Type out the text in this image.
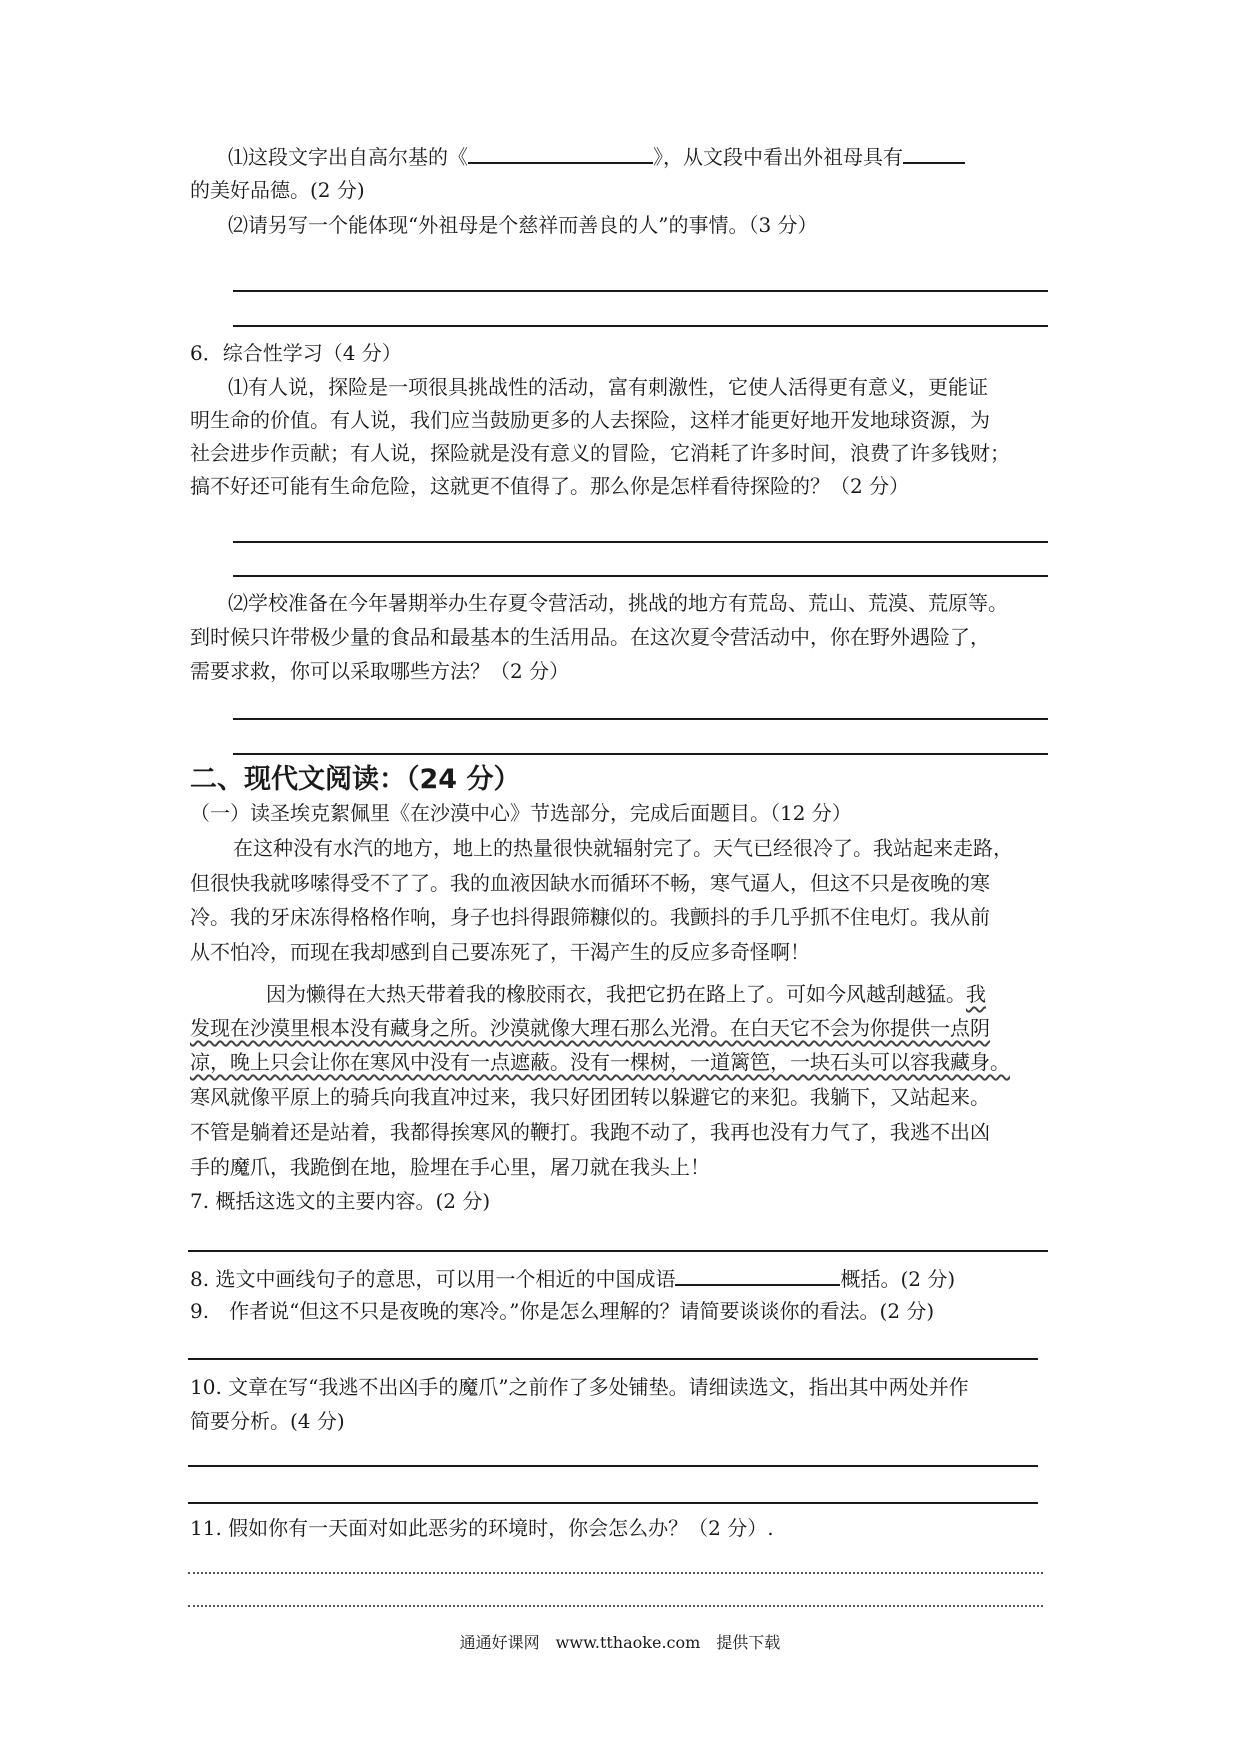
⑴这段文字出自高尔基的《	》，从文段中看出外祖母具有
的美好品德。(2 分)
⑵请另写一个能体现“外祖母是个慈祥而善良的人”的事情。（3 分）
6．综合性学习（4 分）
⑴有人说，探险是一项很具挑战性的活动，富有刺激性，它使人活得更有意义，更能证
明生命的价值。有人说，我们应当鼓励更多的人去探险，这样才能更好地开发地球资源，为
社会进步作贡献；有人说，探险就是没有意义的冒险，它消耗了许多时间，浪费了许多钱财；
搞不好还可能有生命危险，这就更不值得了。那么你是怎样看待探险的？（2 分）
⑵学校准备在今年暑期举办生存夏令营活动，挑战的地方有荒岛、荒山、荒漠、荒原等。
到时候只许带极少量的食品和最基本的生活用品。在这次夏令营活动中，你在野外遇险了，
需要求救，你可以采取哪些方法？（2 分）
二、现代文阅读：（24 分）
（一）读圣埃克絮佩里《在沙漠中心》节选部分，完成后面题目。（12 分）
在这种没有水汽的地方，地上的热量很快就辐射完了。天气已经很冷了。我站起来走路，
但很快我就哆嗦得受不了了。我的血液因缺水而循环不畅，寒气逼人，但这不只是夜晚的寒
冷。我的牙床冻得格格作响，身子也抖得跟筛糠似的。我颤抖的手几乎抓不住电灯。我从前
从不怕冷，而现在我却感到自己要冻死了，干渴产生的反应多奇怪啊！
因为懒得在大热天带着我的橡胶雨衣，我把它扔在路上了。可如今风越刮越猛。我
发现在沙漠里根本没有藏身之所。沙漠就像大理石那么光滑。在白天它不会为你提供一点阴
凉，晚上只会让你在寒风中没有一点遮蔽。没有一棵树，一道篱笆，一块石头可以容我藏身。
寒风就像平原上的骑兵向我直冲过来，我只好团团转以躲避它的来犯。我躺下，又站起来。
不管是躺着还是站着，我都得挨寒风的鞭打。我跑不动了，我再也没有力气了，我逃不出凶
手的魔爪，我跪倒在地，脸埋在手心里，屠刀就在我头上！
7. 概括这选文的主要内容。(2 分)
8. 选文中画线句子的意思，可以用一个相近的中国成语	概括。(2 分)
9.　作者说“但这不只是夜晚的寒冷。”你是怎么理解的？请简要谈谈你的看法。(2 分)
10. 文章在写“我逃不出凶手的魔爪”之前作了多处铺垫。请细读选文，指出其中两处并作
简要分析。(4 分)
11. 假如你有一天面对如此恶劣的环境时，你会怎么办？（2 分）.
通通好课网　www.tthaoke.com　提供下载
